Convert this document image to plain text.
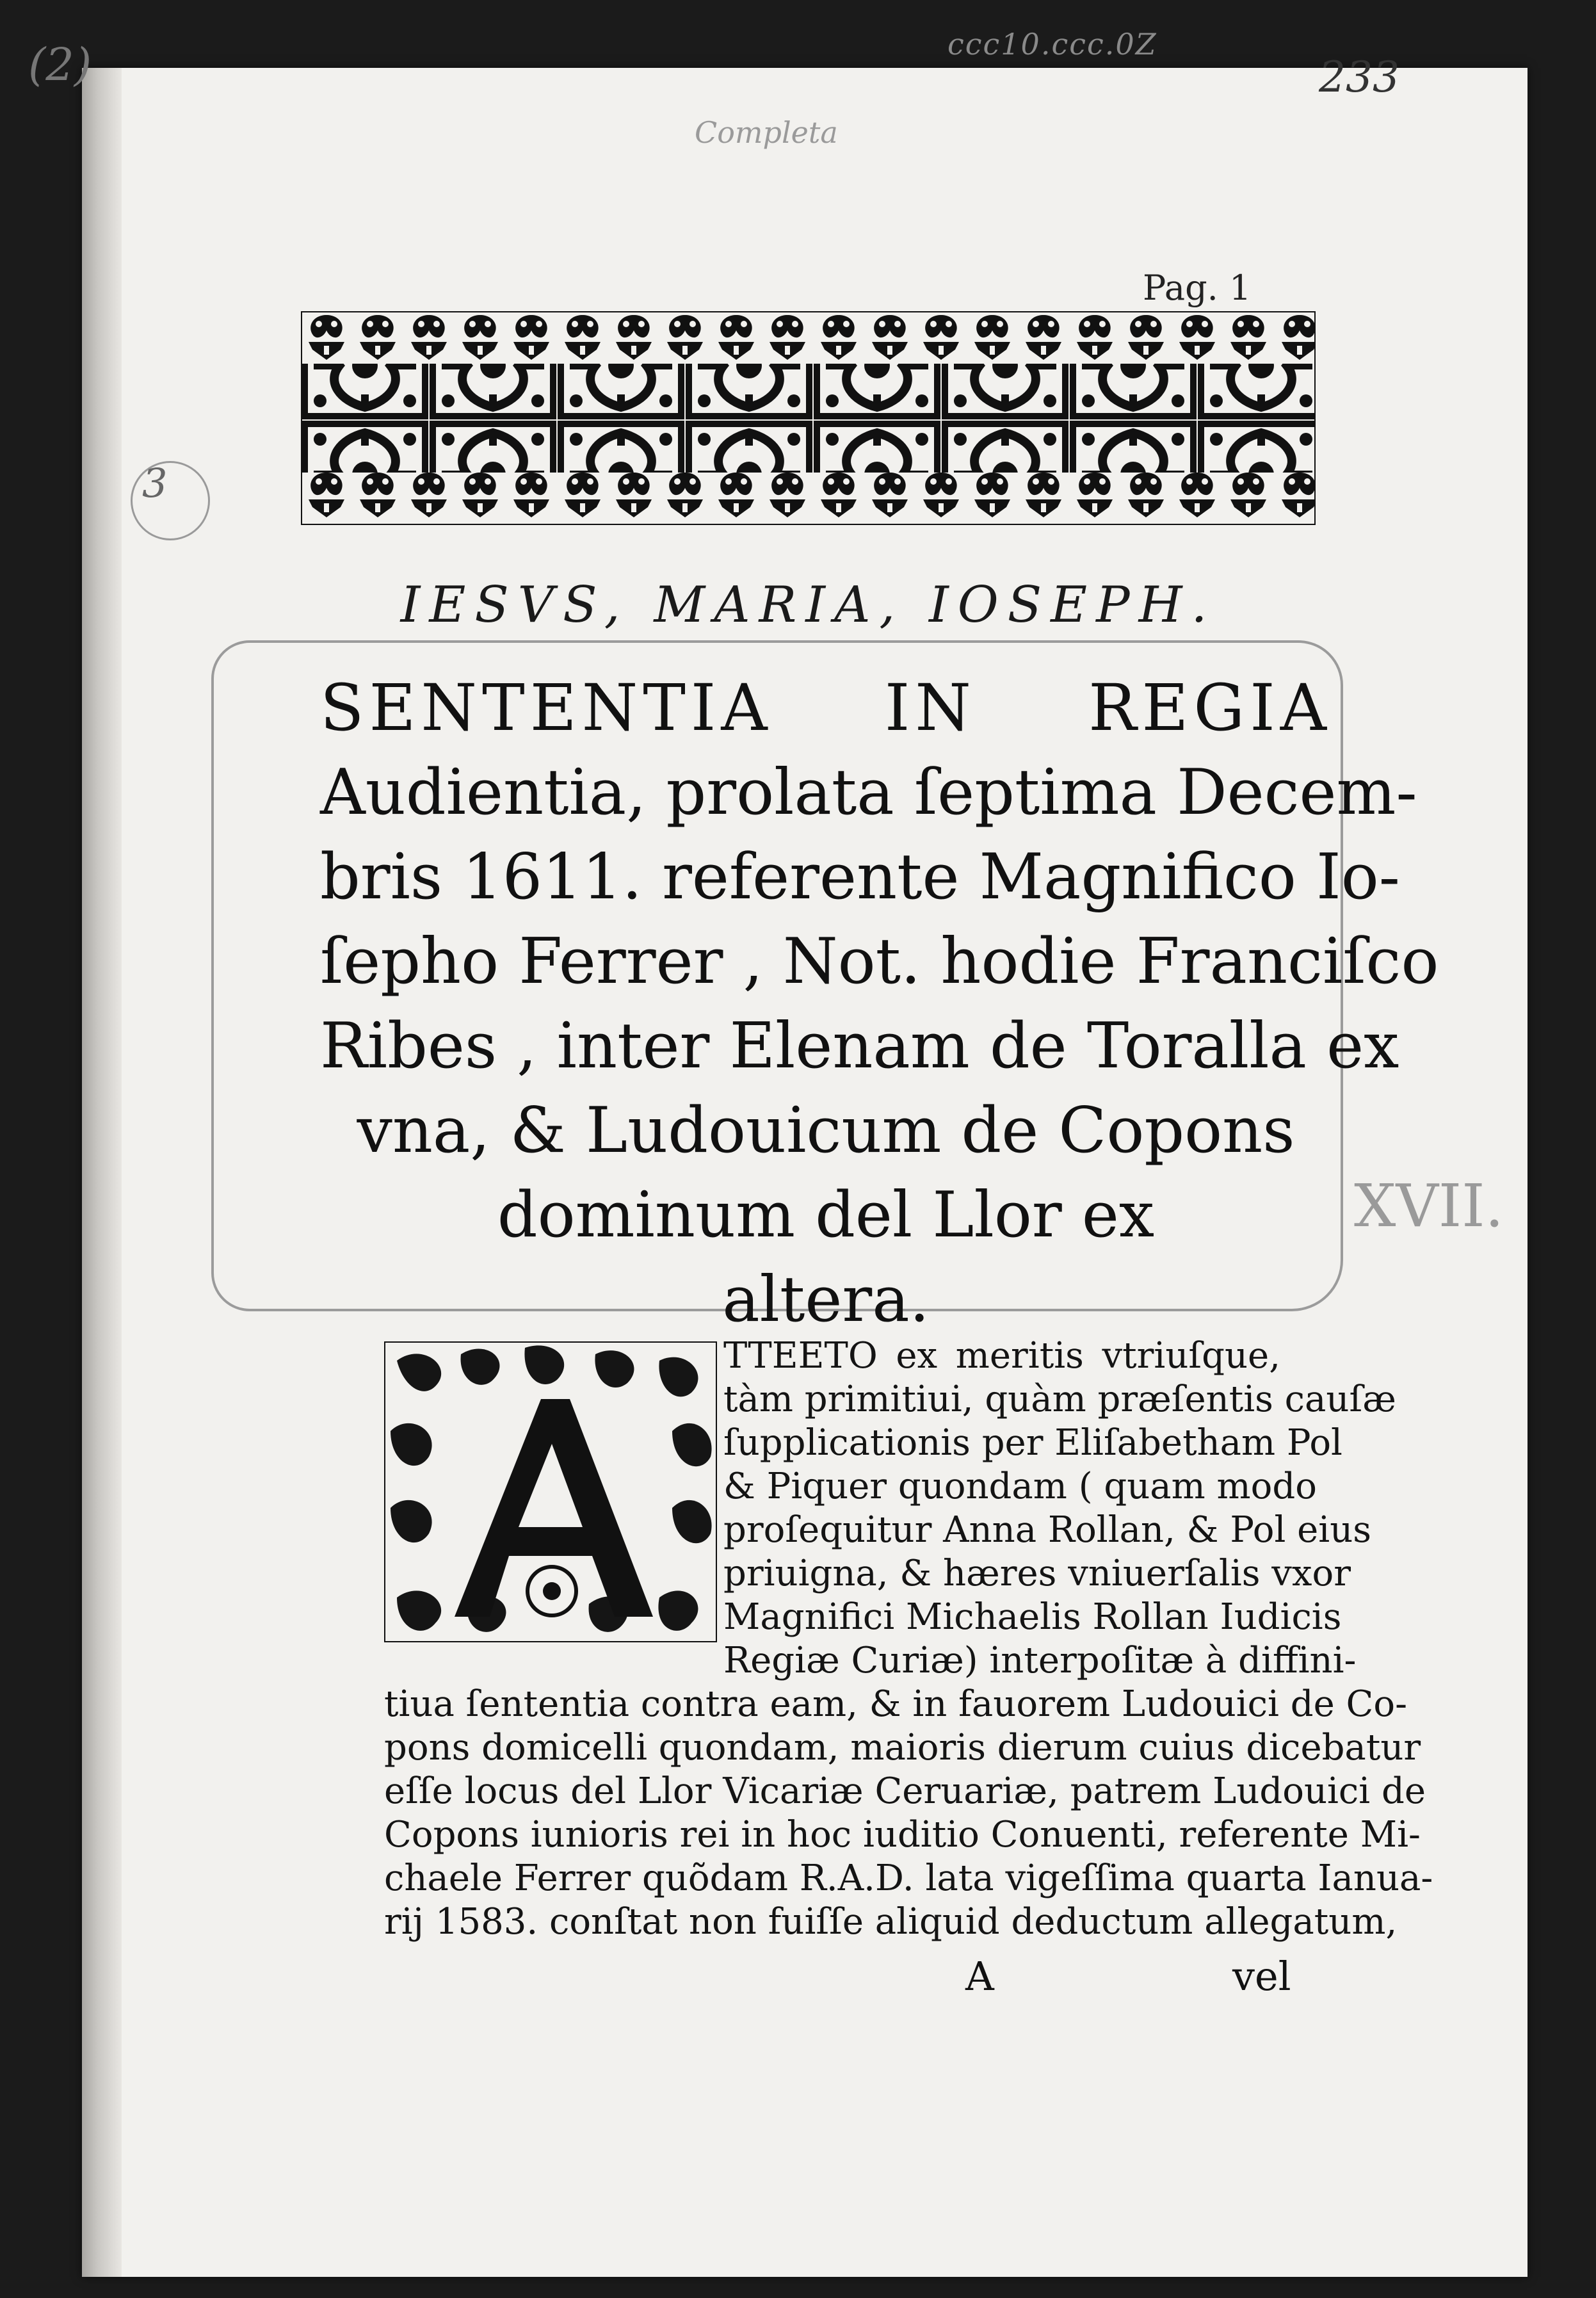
(2)	ccc10.ccc.0Z
233
Completa
3
XVII.
Pag. 1
IESVS, MARIA, IOSEPH.
SENTENTIA IN REGIA
Audientia, prolata ſeptima Decem-
bris 1611. referente Magnifico Io-
ſepho Ferrer , Not. hodie Franciſco
Ribes , inter Elenam de Toralla ex
vna, & Ludouicum de Copons
dominum del Llor ex
altera.
TTEETO ex meritis vtriuſque,
tàm primitiui, quàm præſentis cauſæ
ſupplicationis per Eliſabetham Pol
& Piquer quondam ( quam modo
proſequitur Anna Rollan, & Pol eius
priuigna, & hæres vniuerſalis vxor
Magnifici Michaelis Rollan Iudicis
Regiæ Curiæ) interpoſitæ à diffini-
tiua ſententia contra eam, & in fauorem Ludouici de Co-
pons domicelli quondam, maioris dierum cuius dicebatur
eſſe locus del Llor Vicariæ Ceruariæ, patrem Ludouici de
Copons iunioris rei in hoc iuditio Conuenti, referente Mi-
chaele Ferrer quõdam R.A.D. lata vigeſſima quarta Ianua-
rij 1583. conſtat non fuiſſe aliquid deductum allegatum,
A	vel
